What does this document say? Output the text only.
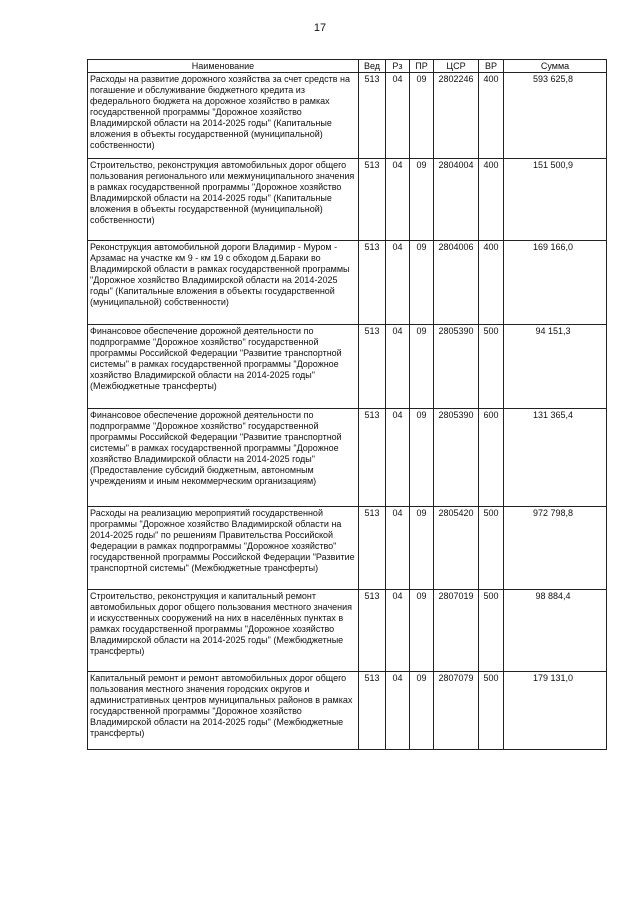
17
Наименование	Вед	Рз	ПР	ЦСР	ВР	Сумма
Расходы на развитие дорожного хозяйства за счет средств на погашение и обслуживание бюджетного кредита из федерального бюджета на дорожное хозяйство в рамках государственной программы "Дорожное хозяйство Владимирской области на 2014-2025 годы" (Капитальные вложения в объекты государственной (муниципальной) собственности)	513	04	09	2802246	400	593 625,8
Строительство, реконструкция автомобильных дорог общего пользования регионального или межмуниципального значения в рамках государственной программы "Дорожное хозяйство Владимирской области на 2014-2025 годы" (Капитальные вложения в объекты государственной (муниципальной) собственности)	513	04	09	2804004	400	151 500,9
Реконструкция автомобильной дороги Владимир - Муром - Арзамас на участке км 9 - км 19 с обходом д.Бараки во Владимирской области в рамках государственной программы "Дорожное хозяйство Владимирской области на 2014-2025 годы" (Капитальные вложения в объекты государственной (муниципальной) собственности)	513	04	09	2804006	400	169 166,0
Финансовое обеспечение дорожной деятельности по подпрограмме "Дорожное хозяйство" государственной программы Российской Федерации "Развитие транспортной системы" в рамках государственной программы "Дорожное хозяйство Владимирской области на 2014-2025 годы" (Межбюджетные трансферты)	513	04	09	2805390	500	94 151,3
Финансовое обеспечение дорожной деятельности по подпрограмме "Дорожное хозяйство" государственной программы Российской Федерации "Развитие транспортной системы" в рамках государственной программы "Дорожное хозяйство Владимирской области на 2014-2025 годы" (Предоставление субсидий бюджетным, автономным учреждениям и иным некоммерческим организациям)	513	04	09	2805390	600	131 365,4
Расходы на реализацию мероприятий государственной программы "Дорожное хозяйство Владимирской области на 2014-2025 годы" по решениям Правительства Российской Федерации в рамках подпрограммы "Дорожное хозяйство" государственной программы Российской Федерации "Развитие транспортной системы" (Межбюджетные трансферты)	513	04	09	2805420	500	972 798,8
Строительство, реконструкция и капитальный ремонт автомобильных дорог общего пользования местного значения и искусственных сооружений на них в населённых пунктах в рамках государственной программы "Дорожное хозяйство Владимирской области на 2014-2025 годы" (Межбюджетные трансферты)	513	04	09	2807019	500	98 884,4
Капитальный ремонт и ремонт автомобильных дорог общего пользования местного значения городских округов и административных центров муниципальных районов в рамках государственной программы "Дорожное хозяйство Владимирской области на 2014-2025 годы" (Межбюджетные трансферты)	513	04	09	2807079	500	179 131,0
